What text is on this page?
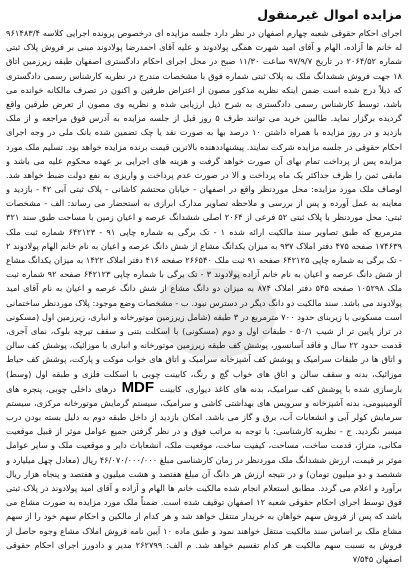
مزایده اموال غیرمنقول

اجرای احکام حقوقی شعبه چهارم اصفهان در نظر دارد جلسه مزایده ای درخصوص پرونده اجرایی کلاسه ۹۶۱۴۸۳/۴ له خانم ها آزاده، الهام و آقای امید شهرت همگی پولادوند و علیه آقای احمدرضا پولادوند مبنی بر فروش پلاک ثبتی شماره ۲۰۶۴/۵۲ در تاریخ ۹۷/۹/۷ ساعت ۱۱/۳۰ صبح در محل اجرای احکام دادگستری اصفهان طبقه زیرزمین اتاق ۱۸ جهت فروش ششدانگ ملک به پلاک ثبتی شماره فوق با مشخصات مندرج در نظریه کارشناس رسمی دادگستری که ذیلاً درج شده است ضمن اینکه نظریه مذکور مصون از اعتراض طرفین و اکنون در تصرف مالکانه خوانده می باشد، توسط کارشناس رسمی دادگستری به شرح ذیل ارزیابی شده و نظریه وی مصون از تعرض طرفین واقع گردیده برگزار نماید. طالبین خرید می توانند طرف ۵ روز قبل از جلسه مزایده به آدرس فوق مراجعه و از ملک بازدید و در روز مزایده با همراه داشتن ۱۰ درصد بها به صورت نقد یا چک تضمین شده بانک ملی در وجه اجرای احکام حقوقی در جلسه مزایده شرکت نمایند. پیشنهاددهنده بالاترین قیمت برنده مزایده خواهد بود. تسلیم ملک مورد مزایده پس از پرداخت تمام بهای آن صورت خواهد گرفت و هزینه های اجرایی بر عهده محکوم علیه می باشد و مابقی ثمن را ظرف حداکثر یک ماه پرداخت و الا در صورت عدم پرداخت و واریزی به نفع دولت ضبط خواهد شد. اوصاف ملک مورد مزایده: محل موردنظر واقع در اصفهان - خیابان محتشم کاشانی - پلاک ثبتی آبی ۴۲ - بازدید و معاینه به عمل آورده و پس از بررسی و ملاحظه تصاویر مدارک ابرازی به استحضار می رساند: الف - مشخصات ثبتی: محل موردنظر با پلاک ثبتی ۵۲ فرعی از ۲۰۶۴ اصلی ششدانگ عرصه و اعیان زمین با مساحت طبق سند ۳۲۱ مترمربع که طبق تصاویر سند مالکیت ارائه شده ۱ - تک برگی به شماره چاپی ۹۱ - ۶۴۲۱۲۳ شماره ثبت ملک ۱۷۴۶۳۹ صفحه ۴۷۵ دفتر املاک ۹۳۷ به میزان یکدانگ مشاع از شش دانگ عرصه و اعیان به نام خانم الهام پولادوند ۲ - تک برگی به شماره چاپی ۶۴۲۱۲۵ صفحه ۹۱ ثبت ملک ۲۶۶۵۴۰ صفحه ۴۱۶ دفتر املاک ۱۴۲۲ به میزان یکدانگ مشاع از شش دانگ عرصه و اعیان به نام خانم آزاده پولادوند ۳ - تک برگی با شماره چاپی ۶۴۲۱۲۳ صفحه ۹۲ شماره ثبت ملک ۱۰۵۲۹۸ صفحه ۵۴۵ دفتر املاک ۸۷۴ به میزان دو دانگ مشاع از شش دانگ عرصه و اعیان به نام آقای امید پولادوند می باشد. سند مالکیت دو دانگ دیگر در دسترس نبود. ب - مشخصات وضع موجود: پلاک موردنظر ساختمانی است مسکونی با زیربنای حدود ۷۰۰ مترمربع در ۳ طبقه (شامل زیرزمین موتورخانه و انباری، زیرزمین اول (مسکونی در تراز پایین تر از شیب ۵۰/۱ - طبقات اول و دوم (مسکونی) با اسکلت بتنی و سقف تیرچه بلوک، نمای آجری، قدمت حدود ۲۲ سال و فاقد آسانسور، پوشش کف طبقه زیرزمین موتورخانه و انباری با موزائیک، پوشش کف سالن و اتاق ها در طبقات سرامیک و پوشش کف آشپزخانه سرامیک و اتاق های خواب موکت و پارکت، پوشش کف حیاط موزائیک، بدنه و سقف سالن و اتاق های خواب گچ و رنگ، کابینت چوبی با اسکلت فلزی و طبقه اول (وسط) بازسازی شده با پوشش کف سرامیک، بدنه های کاغذ دیواری، کابینت MDF درهای داخلی چوبی، پنجره های آلومینیومی، بدنه آشپزخانه و سرویس های بهداشتی کاشی و سرامیک، سیستم گرمایش موتورخانه مرکزی، سیستم سرمایش کولر آبی و انشعابات آب، برق و گاز می باشد. امکان بازدید از داخل طبقه دوم به دلیل بسته بودن درب میسر نگردید. ج - نظریه کارشناسی: با توجه به مراتب فوق و در نظر گرفتن جمیع عوامل موثر از قبیل موقعیت مکانی، متراژ، قدمت ساخت، مساحت، کیفیت ساخت، موقعیت ملک، انشعابات دایر و موقعیت ملک و سایر عوامل موثر بر قیمت، ارزش ششدانگ ملک موردنظر در زمان کارشناسی مبلغ ۴۶/۰۷۰/۰۰۰/۰۰۰ ریال (معادل چهل میلیارد و ششصد و دو میلیون تومان) و در نتیجه ارزش هر دانگ آن مبلغ هفتصد و هشت میلیون و هفتصد و پنجاه هزار ریال برآورد و اعلام می گردد. مطابق استعلام انجام شده مالکیت خانم ها الهام و آزاده و آقای امید پولادوند در پلاک ثبتی فوق توسط اجرای احکام حقوقی شعبه ۱۲ اصفهان توقیف شده است. ضمناً ملک مورد مزایده به صورت مشاع می باشد که پس از فروش سهم خواهان به خریدار منتقل خواهد شد و هر کدام از مالکین و احکام سهم خود را از سهم مشاع ملک بر اساس سند مالکیت منتقل خواهند نمود و طبق ماده ۱۰ آیین نامه فروش املاک مشاع وجوه حاصل از فروش به نسبت سهم مالکیت هر کدام تقسیم خواهد شد. م الف: ۲۶۲۷۹۹ مدیر و دادورز اجرای احکام حقوقی اصفهان ۷/۵۴۵
